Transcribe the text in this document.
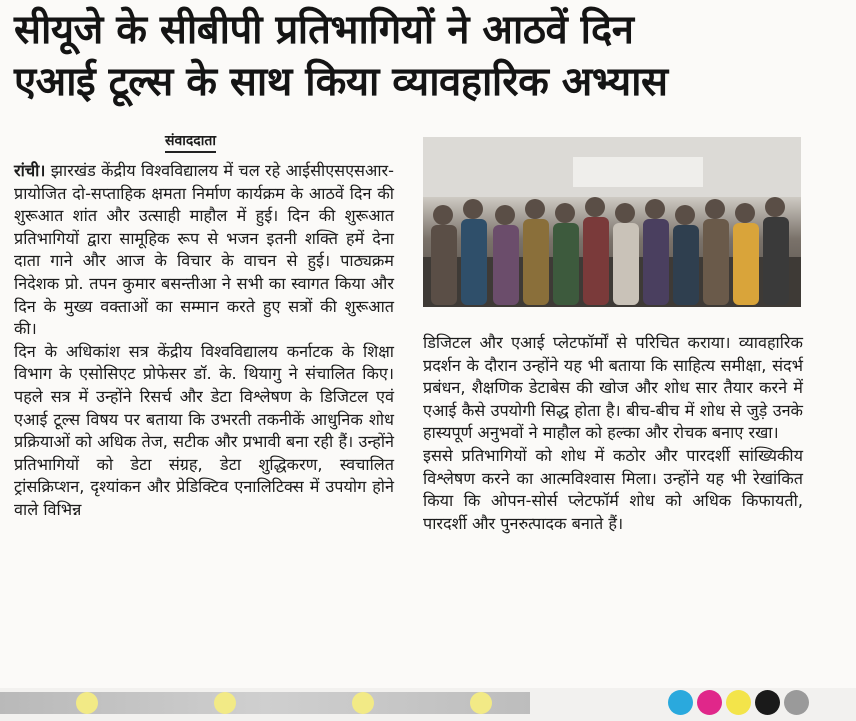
सीयूजे के सीबीपी प्रतिभागियों ने आठवें दिन
एआई टूल्स के साथ किया व्यावहारिक अभ्यास
संवाददाता

रांची। झारखंड केंद्रीय विश्वविद्यालय में चल रहे आईसीएसएसआर-प्रायोजित दो-सप्ताहिक क्षमता निर्माण कार्यक्रम के आठवें दिन की शुरूआत शांत और उत्साही माहौल में हुई। दिन की शुरूआत प्रतिभागियों द्वारा सामूहिक रूप से भजन इतनी शक्ति हमें देना दाता गाने और आज के विचार के वाचन से हुई। पाठ्यक्रम निदेशक प्रो. तपन कुमार बसन्तीआ ने सभी का स्वागत किया और दिन के मुख्य वक्ताओं का सम्मान करते हुए सत्रों की शुरूआत की।

दिन के अधिकांश सत्र केंद्रीय विश्वविद्यालय कर्नाटक के शिक्षा विभाग के एसोसिएट प्रोफेसर डॉ. के. थियागु ने संचालित किए। पहले सत्र में उन्होंने रिसर्च और डेटा विश्लेषण के डिजिटल एवं एआई टूल्स विषय पर बताया कि उभरती तकनीकें आधुनिक शोध प्रक्रियाओं को अधिक तेज, सटीक और प्रभावी बना रही हैं। उन्होंने प्रतिभागियों को डेटा संग्रह, डेटा शुद्धिकरण, स्वचालित ट्रांसक्रिप्शन, दृश्यांकन और प्रेडिक्टिव एनालिटिक्स में उपयोग होने वाले विभिन्न

डिजिटल और एआई प्लेटफॉर्मों से परिचित कराया। व्यावहारिक प्रदर्शन के दौरान उन्होंने यह भी बताया कि साहित्य समीक्षा, संदर्भ प्रबंधन, शैक्षणिक डेटाबेस की खोज और शोध सार तैयार करने में एआई कैसे उपयोगी सिद्ध होता है। बीच-बीच में शोध से जुड़े उनके हास्यपूर्ण अनुभवों ने माहौल को हल्का और रोचक बनाए रखा।

इससे प्रतिभागियों को शोध में कठोर और पारदर्शी सांख्यिकीय विश्लेषण करने का आत्मविश्वास मिला। उन्होंने यह भी रेखांकित किया कि ओपन-सोर्स प्लेटफॉर्म शोध को अधिक किफायती, पारदर्शी और पुनरुत्पादक बनाते हैं।
